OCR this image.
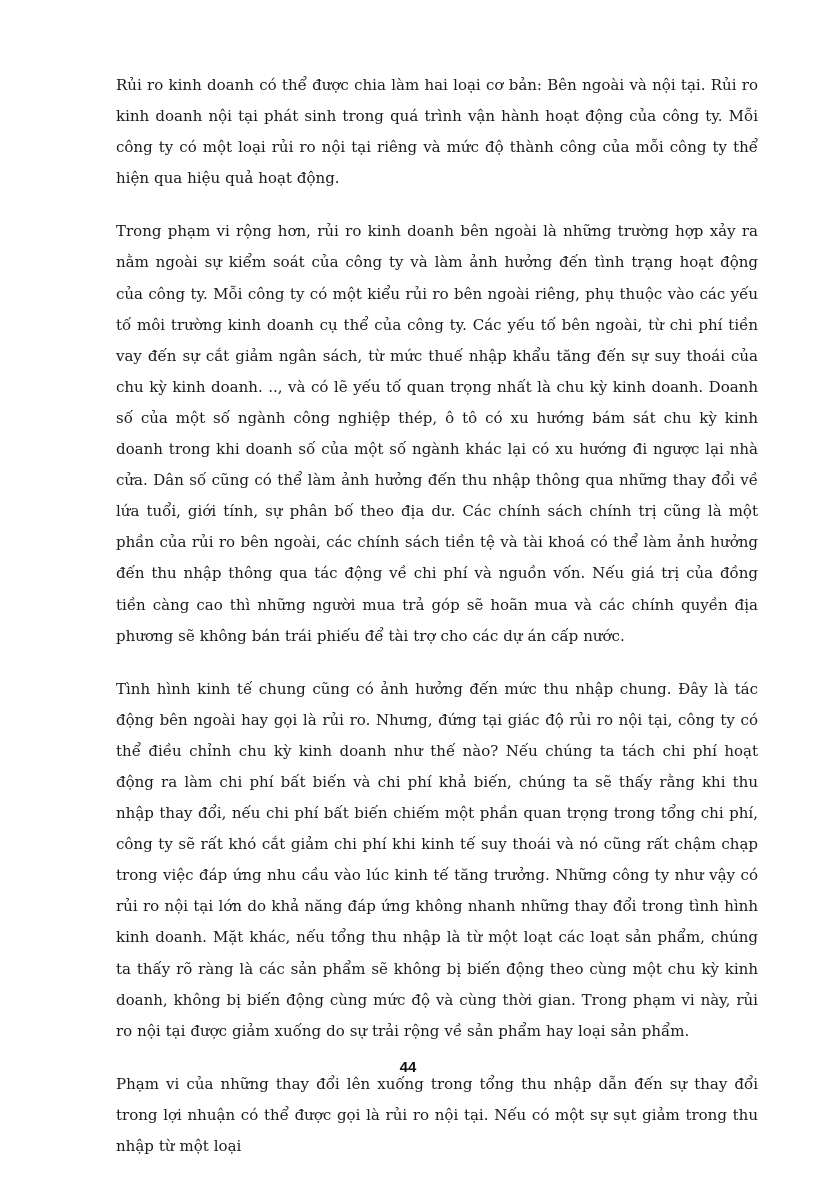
Rủi ro kinh doanh có thể được chia làm hai loại cơ bản: Bên ngoài và nội tại. Rủi ro kinh doanh nội tại phát sinh trong quá trình vận hành hoạt động của công ty. Mỗi công ty có một loại rủi ro nội tại riêng và mức độ thành công của mỗi công ty thể hiện qua hiệu quả hoạt động.

Trong phạm vi rộng hơn, rủi ro kinh doanh bên ngoài là những trường hợp xảy ra nằm ngoài sự kiểm soát của công ty và làm ảnh hưởng đến tình trạng hoạt động của công ty. Mỗi công ty có một kiểu rủi ro bên ngoài riêng, phụ thuộc vào các yếu tố môi trường kinh doanh cụ thể của công ty. Các yếu tố bên ngoài, từ chi phí tiền vay đến sự cắt giảm ngân sách, từ mức thuế nhập khẩu tăng đến sự suy thoái của chu kỳ kinh doanh. .., và có lẽ yếu tố quan trọng nhất là chu kỳ kinh doanh. Doanh số của một số ngành công nghiệp thép, ô tô có xu hướng bám sát chu kỳ kinh doanh trong khi doanh số của một số ngành khác lại có xu hướng đi ngược lại nhà cửa. Dân số cũng có thể làm ảnh hưởng đến thu nhập thông qua những thay đổi về lứa tuổi, giới tính, sự phân bố theo địa dư. Các chính sách chính trị cũng là một phần của rủi ro bên ngoài, các chính sách tiền tệ và tài khoá có thể làm ảnh hưởng đến thu nhập thông qua tác động về chi phí và nguồn vốn. Nếu giá trị của đồng tiền càng cao thì những người mua trả góp sẽ hoãn mua và các chính quyền địa phương sẽ không bán trái phiếu để tài trợ cho các dự án cấp nước.

Tình hình kinh tế chung cũng có ảnh hưởng đến mức thu nhập chung. Đây là tác động bên ngoài hay gọi là rủi ro. Nhưng, đứng tại giác độ rủi ro nội tại, công ty có thể điều chỉnh chu kỳ kinh doanh như thế nào? Nếu chúng ta tách chi phí hoạt động ra làm chi phí bất biến và chi phí khả biến, chúng ta sẽ thấy rằng khi thu nhập thay đổi, nếu chi phí bất biến chiếm một phần quan trọng trong tổng chi phí, công ty sẽ rất khó cắt giảm chi phí khi kinh tế suy thoái và nó cũng rất chậm chạp trong việc đáp ứng nhu cầu vào lúc kinh tế tăng trưởng. Những công ty như vậy có rủi ro nội tại lớn do khả năng đáp ứng không nhanh những thay đổi trong tình hình kinh doanh. Mặt khác, nếu tổng thu nhập là từ một loạt các loạt sản phẩm, chúng ta thấy rõ ràng là các sản phẩm sẽ không bị biến động theo cùng một chu kỳ kinh doanh, không bị biến động cùng mức độ và cùng thời gian. Trong phạm vi này, rủi ro nội tại được giảm xuống do sự trải rộng về sản phẩm hay loại sản phẩm.

Phạm vi của những thay đổi lên xuống trong tổng thu nhập dẫn đến sự thay đổi trong lợi nhuận có thể được gọi là rủi ro nội tại. Nếu có một sự sụt giảm trong thu nhập từ một loại

44
